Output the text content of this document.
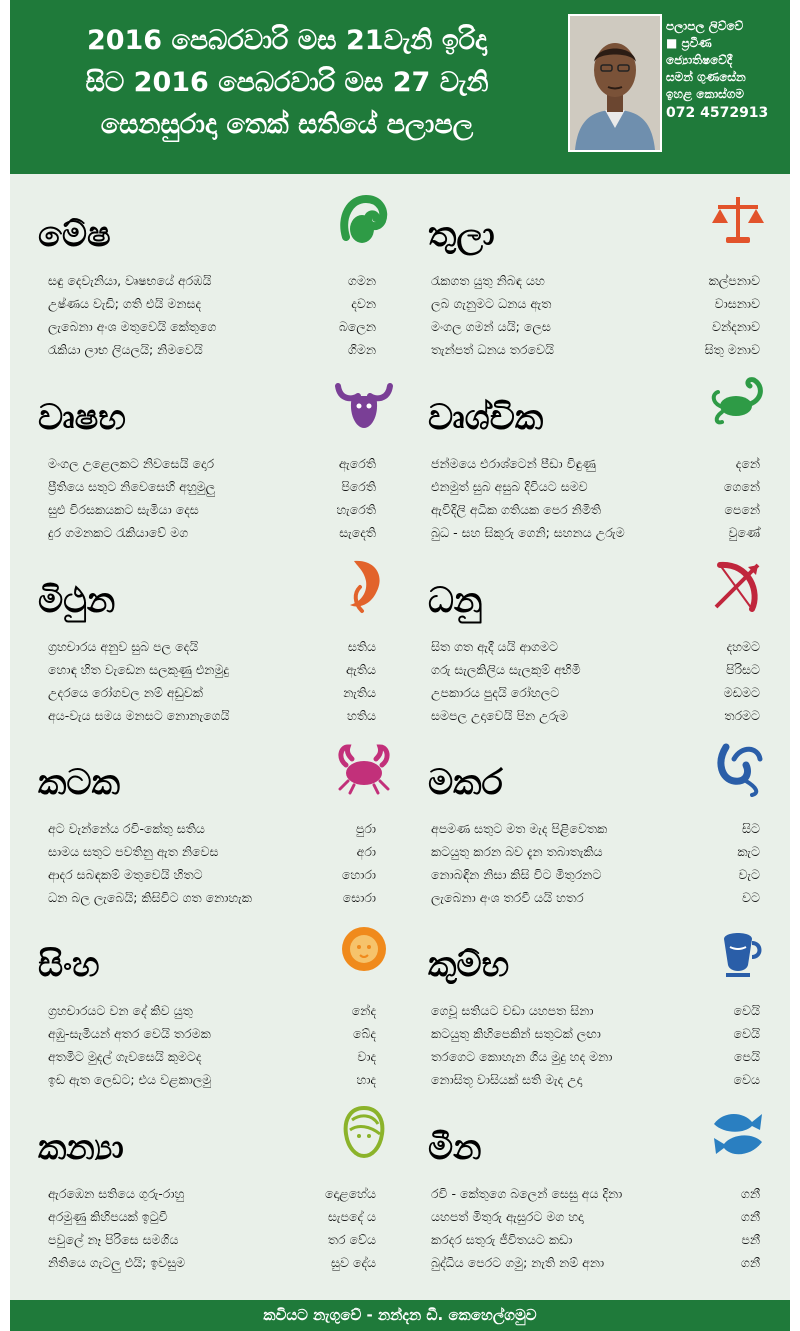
2016 පෙබරවාරි මස 21වැනි ඉරිදා
සිට 2016 පෙබරවාරි මස 27 වැනි
සෙනසුරාදා තෙක් සතියේ පලාපල
පලාපල ලිව්වේ
■ ප්‍රවීණ
ජ්‍යොතිෂවේදී
සමන් ගුණසේන
ඉහළ කොස්ගම
072 4572913
මේෂ
සඳු දෙවැනියා, වෘෂභයේ අරඹයි	ගමන
උෂ්ණය වැඩි; ගති එයි මනසද	දවන
ලැබෙනා අංශ මතුවෙයි කේතුගෙ	බලෙන
රැකියා ලාභ ලියලයි; නිමවෙයි	ගිමන
තුලා
රැකගත යුතු නිබඳ යහ	කල්පනාව
ලබ ගැනුමට ධනය ඇත	වාසනාව
මංගල ගමන් යයි; ලෙස	වන්දනාව
තැන්පත් ධනය තරවෙයි	සිතු මනාව
වෘෂභ
මංගල උළෙලකට නිවසෙයි දොර	ඇරෙති
ප්‍රීතියෙ සතුට නිවෙසෙහි අහුමුලු	පිරෙති
සුළු විරසකයකට සැමියා දෙස	හැරෙති
දුර ගමනකට රැකියාවේ මග	සැදෙති
වෘශ්චික
ජන්මයෙ එරාශ්ටෙන් පීඩා විඳුණු	දනේ
එනමුත් සුබ අසුබ දිවියට සමව	ගෙනේ
ඇවිදිලි අධික ගතියක පෙර නිමිති	පෙනේ
බුධ - සහ සිකුරු ගෙනි; සහනය උරුම	වුණේ
මිථුන
ග්‍රහචාරය අනුව සුබ පල දෙයි	සතිය
හොඳ හිත වැඩෙන සලකුණු එනමුදු	ඇතිය
උදරයෙ රෝගවල නම් අඩුවක්	නැතිය
අය-වැය සමය මනසට නොනැගෙයි	හතිය
ධනු
සිත ගත ඇදී යයි ආගමට	දහමට
ගරු සැලකිලිය සැලකුම් අභිමි	පිරිසට
උපකාරය පුදයි රෝහලට	මඩමට
සමපල උදාවෙයි පින උරුම	තරමට
කටක
අට වැන්නේය රවි-කේතු සතිය	පුරා
සාමය සතුට පවතිනු ඇත නිවෙස	අරා
ආදර සබඳකම් මතුවෙයි හිතට	හොරා
ධන බල ලැබෙයි; කිසිවිට ගත නොහැක	සොරා
මකර
අපමණ සතුට මත මැද පිළිවෙතක	සිට
කටයුතු කරන බව දැන තබාතැකිය	කැට
නොබඳින නිසා කිසි විට මිතුරනට	වැට
ලැබෙනා අංශ තරවී යයි හතර	වට
සිංහ
ග්‍රහචාරයට වන දේ කිව යුතු	නේද
අඹු-සැමියන් අතර වෙයි තරමක	බේද
අතමිට මුදල් ගැවසෙයි කුමටද	වාද
ඉඩ ඇත ලෙඩට; එය වළකාලමු	හාද
කුම්භ
ගෙවූ සතියට වඩා යහපත සිනා	වෙයි
කටයුතු කිහිපෙකින් සතුටක් ලඟා	වෙයි
තරගෙට කොහැන ගිය මුදු හද මනා	පෙයි
නොසිතූ වාසියක් සති මැද උදා	වෙය
කන්‍යා
ඇරඹෙන සතියෙ ගුරු-රාහු	දොළහේය
අරමුණු කිහිපයක් ඉටුවී	සැපදේ ය
පවුලේ නෑ පිරිසෙ සමගිය	තර වේය
නිතියෙ ගැටලු එයි; ඉවසුම	සුව දේය
මීන
රවි - කේතුගෙ බලෙන් සෙසු අය දිනා	ගනී
යහපත් මිතුරු ඇසුරට මග හදා	ගනී
කරදර සතුරු ජීවිතයට කඩා	පනී
බුද්ධිය පෙරට ගමු; නැති නම් අනා	ගනී
කවියට නැගුවේ - නන්දන ඩී. කෙහෙල්ගමුව
